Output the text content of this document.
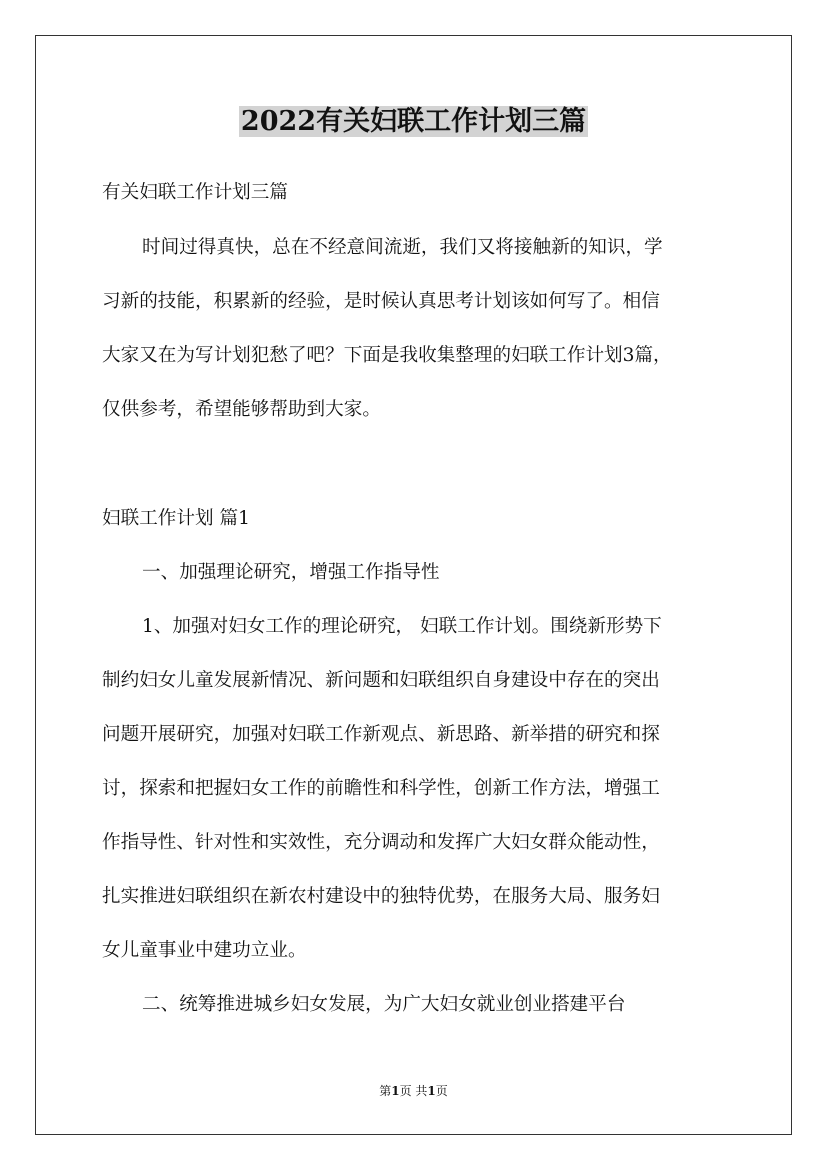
2022有关妇联工作计划三篇
有关妇联工作计划三篇
时间过得真快，总在不经意间流逝，我们又将接触新的知识，学
习新的技能，积累新的经验，是时候认真思考计划该如何写了。相信
大家又在为写计划犯愁了吧？下面是我收集整理的妇联工作计划3篇，
仅供参考，希望能够帮助到大家。
妇联工作计划 篇1
一、加强理论研究，增强工作指导性
1、加强对妇女工作的理论研究， 妇联工作计划。围绕新形势下
制约妇女儿童发展新情况、新问题和妇联组织自身建设中存在的突出
问题开展研究，加强对妇联工作新观点、新思路、新举措的研究和探
讨，探索和把握妇女工作的前瞻性和科学性，创新工作方法，增强工
作指导性、针对性和实效性，充分调动和发挥广大妇女群众能动性，
扎实推进妇联组织在新农村建设中的独特优势，在服务大局、服务妇
女儿童事业中建功立业。
二、统筹推进城乡妇女发展，为广大妇女就业创业搭建平台
第1页 共1页
